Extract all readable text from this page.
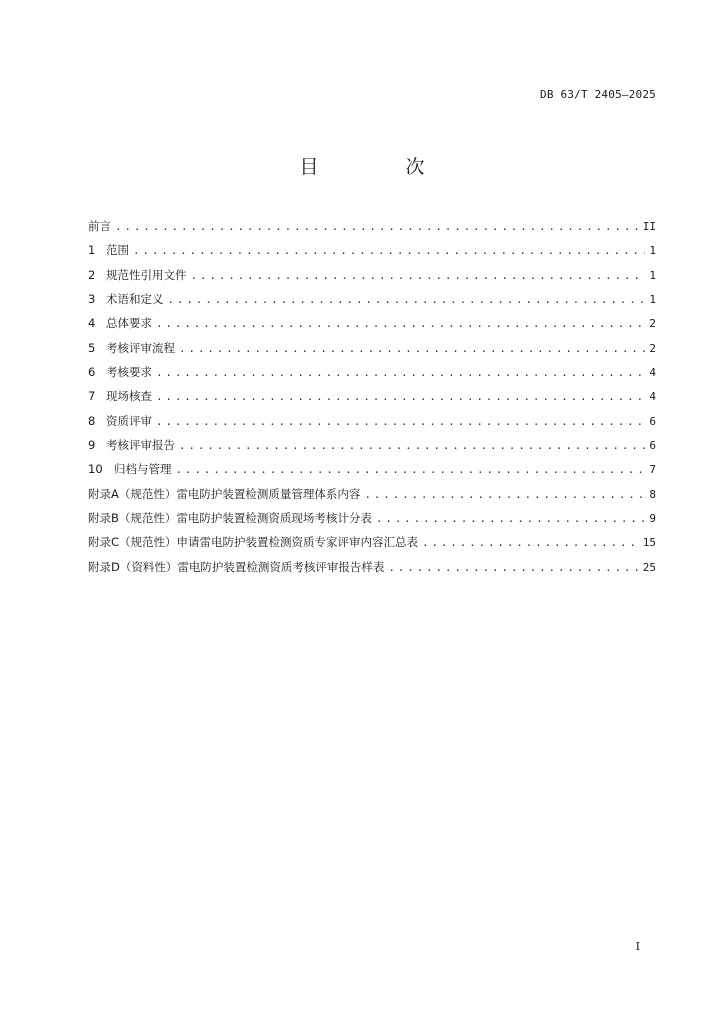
DB 63/T 2405—2025
目　次
前言 .....	II
1 范围 .....	1
2 规范性引用文件 .....	1
3 术语和定义 .....	1
4 总体要求 .....	2
5 考核评审流程 .....	2
6 考核要求 .....	4
7 现场核查 .....	4
8 资质评审 .....	6
9 考核评审报告 .....	6
10 归档与管理 .....	7
附录A（规范性） 雷电防护装置检测质量管理体系内容 .....	8
附录B（规范性） 雷电防护装置检测资质现场考核计分表 .....	9
附录C（规范性） 申请雷电防护装置检测资质专家评审内容汇总表 .....	15
附录D（资料性） 雷电防护装置检测资质考核评审报告样表 .....	25
I
